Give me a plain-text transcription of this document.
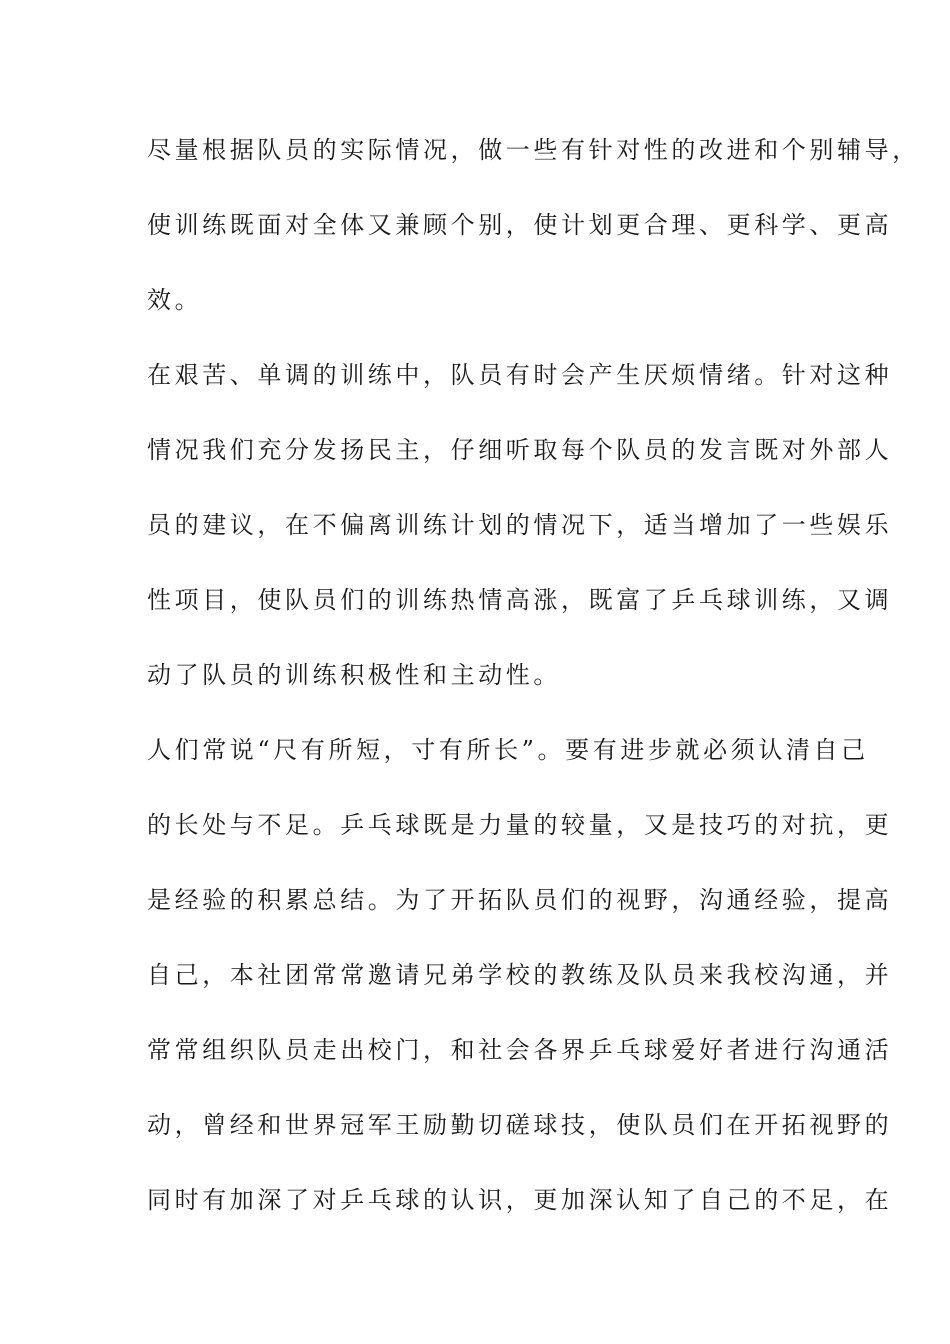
尽量根据队员的实际情况，做一些有针对性的改进和个别辅导，
使训练既面对全体又兼顾个别，使计划更合理、更科学、更高
效。
在艰苦、单调的训练中，队员有时会产生厌烦情绪。针对这种
情况我们充分发扬民主，仔细听取每个队员的发言既对外部人
员的建议，在不偏离训练计划的情况下，适当增加了一些娱乐
性项目，使队员们的训练热情高涨，既富了乒乓球训练，又调
动了队员的训练积极性和主动性。
人们常说“尺有所短，寸有所长”。要有进步就必须认清自己
的长处与不足。乒乓球既是力量的较量，又是技巧的对抗，更
是经验的积累总结。为了开拓队员们的视野，沟通经验，提高
自己，本社团常常邀请兄弟学校的教练及队员来我校沟通，并
常常组织队员走出校门，和社会各界乒乓球爱好者进行沟通活
动，曾经和世界冠军王励勤切磋球技，使队员们在开拓视野的
同时有加深了对乒乓球的认识，更加深认知了自己的不足，在
